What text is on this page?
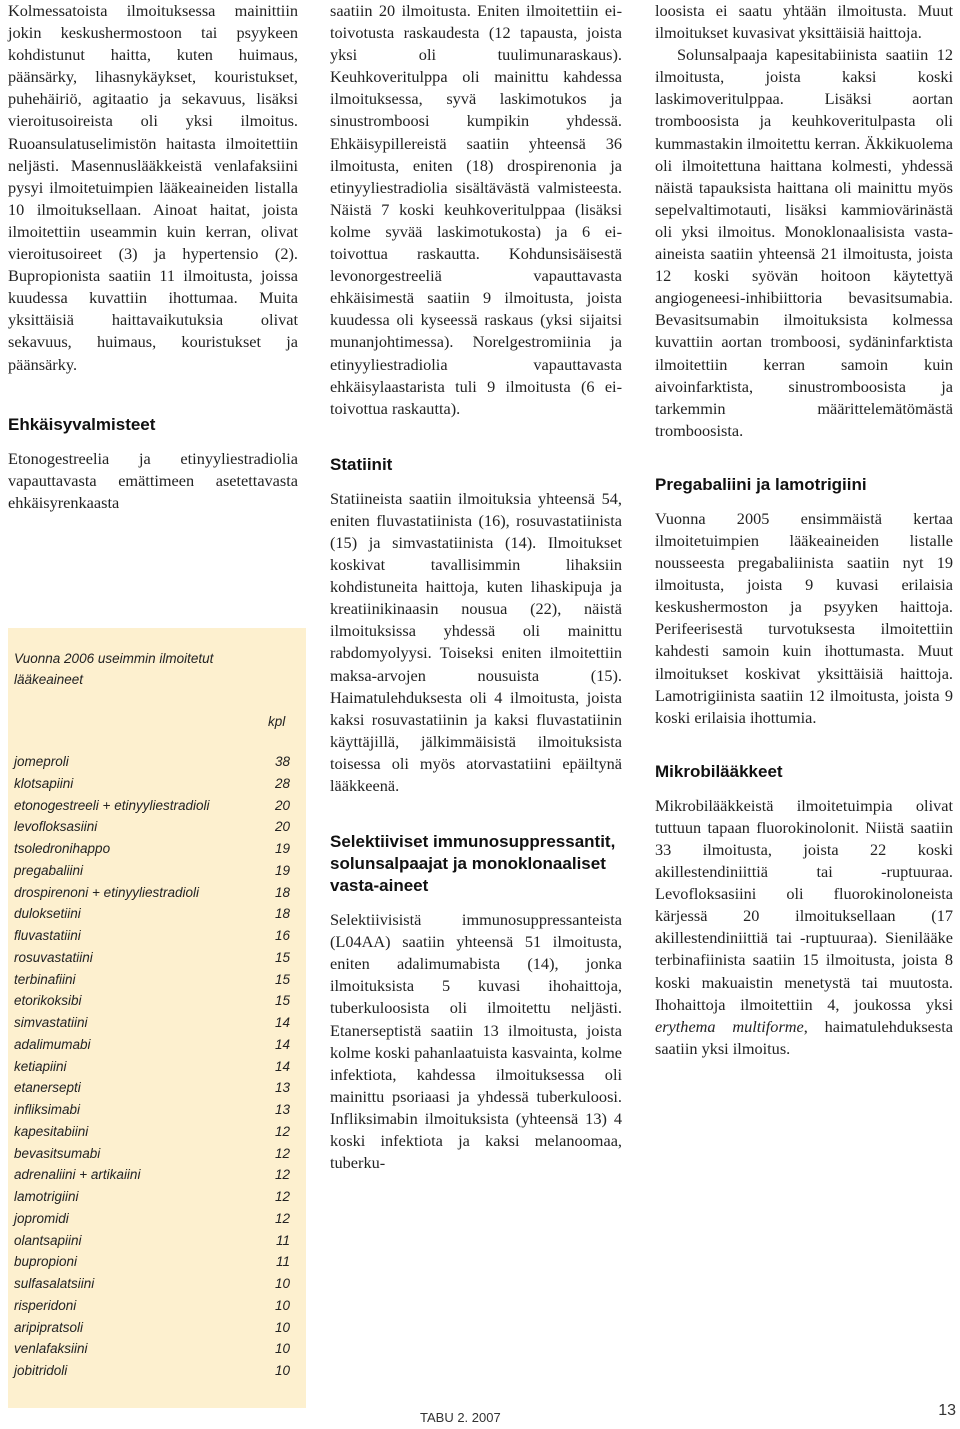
Kolmessatoista ilmoituksessa mainittiin jokin keskushermostoon tai psyykeen kohdistunut haitta, kuten huimaus, päänsärky, lihasnykäykset, kouristukset, puhehäiriö, agitaatio ja sekavuus, lisäksi vieroitusoireista oli yksi ilmoitus. Ruoansulatuselimistön haitasta ilmoitettiin neljästi. Masennuslääkkeistä venlafaksiini pysyi ilmoitetuimpien lääkeaineiden listalla 10 ilmoituksellaan. Ainoat haitat, joista ilmoitettiin useammin kuin kerran, olivat vieroitusoireet (3) ja hypertensio (2). Bupropionista saatiin 11 ilmoitusta, joissa kuudessa kuvattiin ihottumaa. Muita yksittäisiä haittavaikutuksia olivat sekavuus, huimaus, kouristukset ja päänsärky.

Ehkäisyvalmisteet

Etonogestreelia ja etinyyliestradiolia vapauttavasta emättimeen asetettavasta ehkäisyrenkaasta

Vuonna 2006 useimmin ilmoitetut lääkeaineet
kpl
jomeproli	38
klotsapiini	28
etonogestreeli + etinyyliestradioli	20
levofloksasiini	20
tsoledronihappo	19
pregabaliini	19
drospirenoni + etinyyliestradioli	18
duloksetiini	18
fluvastatiini	16
rosuvastatiini	15
terbinafiini	15
etorikoksibi	15
simvastatiini	14
adalimumabi	14
ketiapiini	14
etanersepti	13
infliksimabi	13
kapesitabiini	12
bevasitsumabi	12
adrenaliini + artikaiini	12
lamotrigiini	12
jopromidi	12
olantsapiini	11
bupropioni	11
sulfasalatsiini	10
risperidoni	10
aripipratsoli	10
venlafaksiini	10
jobitridoli	10

saatiin 20 ilmoitusta. Eniten ilmoitettiin ei-toivotusta raskaudesta (12 tapausta, joista yksi oli tuulimunaraskaus). Keuhkoveritulppa oli mainittu kahdessa ilmoituksessa, syvä laskimotukos ja sinustromboosi kumpikin yhdessä. Ehkäisypillereistä saatiin yhteensä 36 ilmoitusta, eniten (18) drospirenonia ja etinyyliestradiolia sisältävästä valmisteesta. Näistä 7 koski keuhkoveritulppaa (lisäksi kolme syvää laskimotukosta) ja 6 ei-toivottua raskautta. Kohdunsisäisestä levonorgestreeliä vapauttavasta ehkäisimestä saatiin 9 ilmoitusta, joista kuudessa oli kyseessä raskaus (yksi sijaitsi munanjohtimessa). Norelgestromiinia ja etinyyliestradiolia vapauttavasta ehkäisylaastarista tuli 9 ilmoitusta (6 ei-toivottua raskautta).

Statiinit

Statiineista saatiin ilmoituksia yhteensä 54, eniten fluvastatiinista (16), rosuvastatiinista (15) ja simvastatiinista (14). Ilmoitukset koskivat tavallisimmin lihaksiin kohdistuneita haittoja, kuten lihaskipuja ja kreatiinikinaasin nousua (22), näistä ilmoituksissa yhdessä oli mainittu rabdomyolyysi. Toiseksi eniten ilmoitettiin maksa-arvojen nousuista (15). Haimatulehduksesta oli 4 ilmoitusta, joista kaksi rosuvastatiinin ja kaksi fluvastatiinin käyttäjillä, jälkimmäisistä ilmoituksista toisessa oli myös atorvastatiini epäiltynä lääkkeenä.

Selektiiviset immunosuppressantit, solunsalpaajat ja monoklonaaliset vasta-aineet

Selektiivisistä immunosuppressanteista (L04AA) saatiin yhteensä 51 ilmoitusta, eniten adalimumabista (14), jonka ilmoituksista 5 kuvasi ihohaittoja, tuberkuloosista oli ilmoitettu neljästi. Etanerseptistä saatiin 13 ilmoitusta, joista kolme koski pahanlaatuista kasvainta, kolme infektiota, kahdessa ilmoituksessa oli mainittu psoriaasi ja yhdessä tuberkuloosi. Infliksimabin ilmoituksista (yhteensä 13) 4 koski infektiota ja kaksi melanoomaa, tuberku-

loosista ei saatu yhtään ilmoitusta. Muut ilmoitukset kuvasivat yksittäisiä haittoja.

Solunsalpaaja kapesitabiinista saatiin 12 ilmoitusta, joista kaksi koski laskimoveritulppaa. Lisäksi aortan tromboosista ja keuhkoveritulpasta oli kummastakin ilmoitettu kerran. Äkkikuolema oli ilmoitettuna haittana kolmesti, yhdessä näistä tapauksista haittana oli mainittu myös sepelvaltimotauti, lisäksi kammiovärinästä oli yksi ilmoitus. Monoklonaalisista vasta-aineista saatiin yhteensä 21 ilmoitusta, joista 12 koski syövän hoitoon käytettyä angiogeneesi-inhibiittoria bevasitsumabia. Bevasitsumabin ilmoituksista kolmessa kuvattiin aortan tromboosi, sydäninfarktista ilmoitettiin kerran samoin kuin aivoinfarktista, sinustromboosista ja tarkemmin määrittelemätömästä tromboosista.

Pregabaliini ja lamotrigiini

Vuonna 2005 ensimmäistä kertaa ilmoitetuimpien lääkeaineiden listalle nousseesta pregabaliinista saatiin nyt 19 ilmoitusta, joista 9 kuvasi erilaisia keskushermoston ja psyyken haittoja. Perifeerisestä turvotuksesta ilmoitettiin kahdesti samoin kuin ihottumasta. Muut ilmoitukset koskivat yksittäisiä haittoja. Lamotrigiinista saatiin 12 ilmoitusta, joista 9 koski erilaisia ihottumia.

Mikrobilääkkeet

Mikrobilääkkeistä ilmoitetuimpia olivat tuttuun tapaan fluorokinolonit. Niistä saatiin 33 ilmoitusta, joista 22 koski akillestendiniittiä tai -ruptuuraa. Levofloksasiini oli fluorokinoloneista kärjessä 20 ilmoituksellaan (17 akillestendiniittiä tai -ruptuuraa). Sienilääke terbinafiinista saatiin 15 ilmoitusta, joista 8 koski makuaistin menetystä tai muutosta. Ihohaittoja ilmoitettiin 4, joukossa yksi erythema multiforme, haimatulehduksesta saatiin yksi ilmoitus.

TABU 2. 2007	13
